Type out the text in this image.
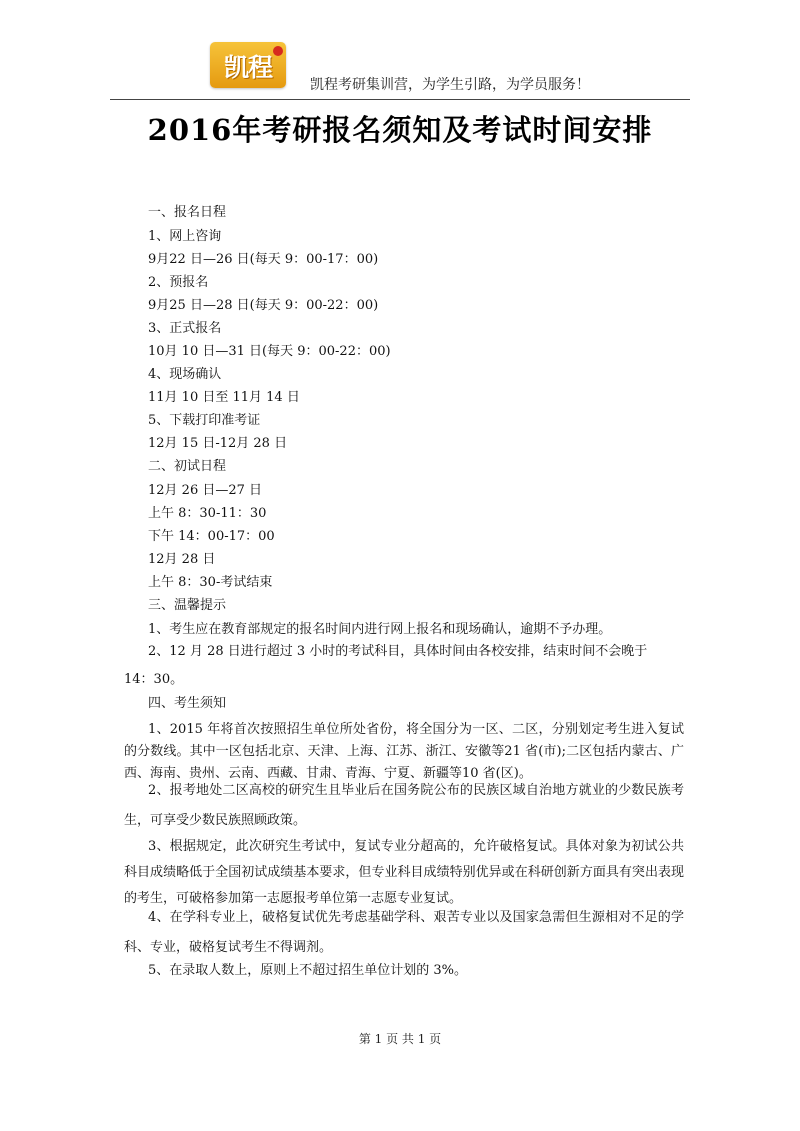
凯程
凯程考研集训营，为学生引路，为学员服务！
2016年考研报名须知及考试时间安排
一、报名日程
1、网上咨询
9月22 日—26 日(每天 9：00-17：00)
2、预报名
9月25 日—28 日(每天 9：00-22：00)
3、正式报名
10月 10 日—31 日(每天 9：00-22：00)
4、现场确认
11月 10 日至 11月 14 日
5、下载打印准考证
12月 15 日-12月 28 日
二、初试日程
12月 26 日—27 日
上午 8：30-11：30
下午 14：00-17：00
12月 28 日
上午 8：30-考试结束
三、温馨提示
1、考生应在教育部规定的报名时间内进行网上报名和现场确认，逾期不予办理。
2、12 月 28 日进行超过 3 小时的考试科目，具体时间由各校安排，结束时间不会晚于
14：30。
四、考生须知
1、2015 年将首次按照招生单位所处省份，将全国分为一区、二区，分别划定考生进入复试的分数线。其中一区包括北京、天津、上海、江苏、浙江、安徽等21 省(市);二区包括内蒙古、广西、海南、贵州、云南、西藏、甘肃、青海、宁夏、新疆等10 省(区)。
2、报考地处二区高校的研究生且毕业后在国务院公布的民族区域自治地方就业的少数民族考生，可享受少数民族照顾政策。
3、根据规定，此次研究生考试中，复试专业分超高的，允许破格复试。具体对象为初试公共科目成绩略低于全国初试成绩基本要求，但专业科目成绩特别优异或在科研创新方面具有突出表现的考生，可破格参加第一志愿报考单位第一志愿专业复试。
4、在学科专业上，破格复试优先考虑基础学科、艰苦专业以及国家急需但生源相对不足的学科、专业，破格复试考生不得调剂。
5、在录取人数上，原则上不超过招生单位计划的 3%。
第 1 页 共 1 页
